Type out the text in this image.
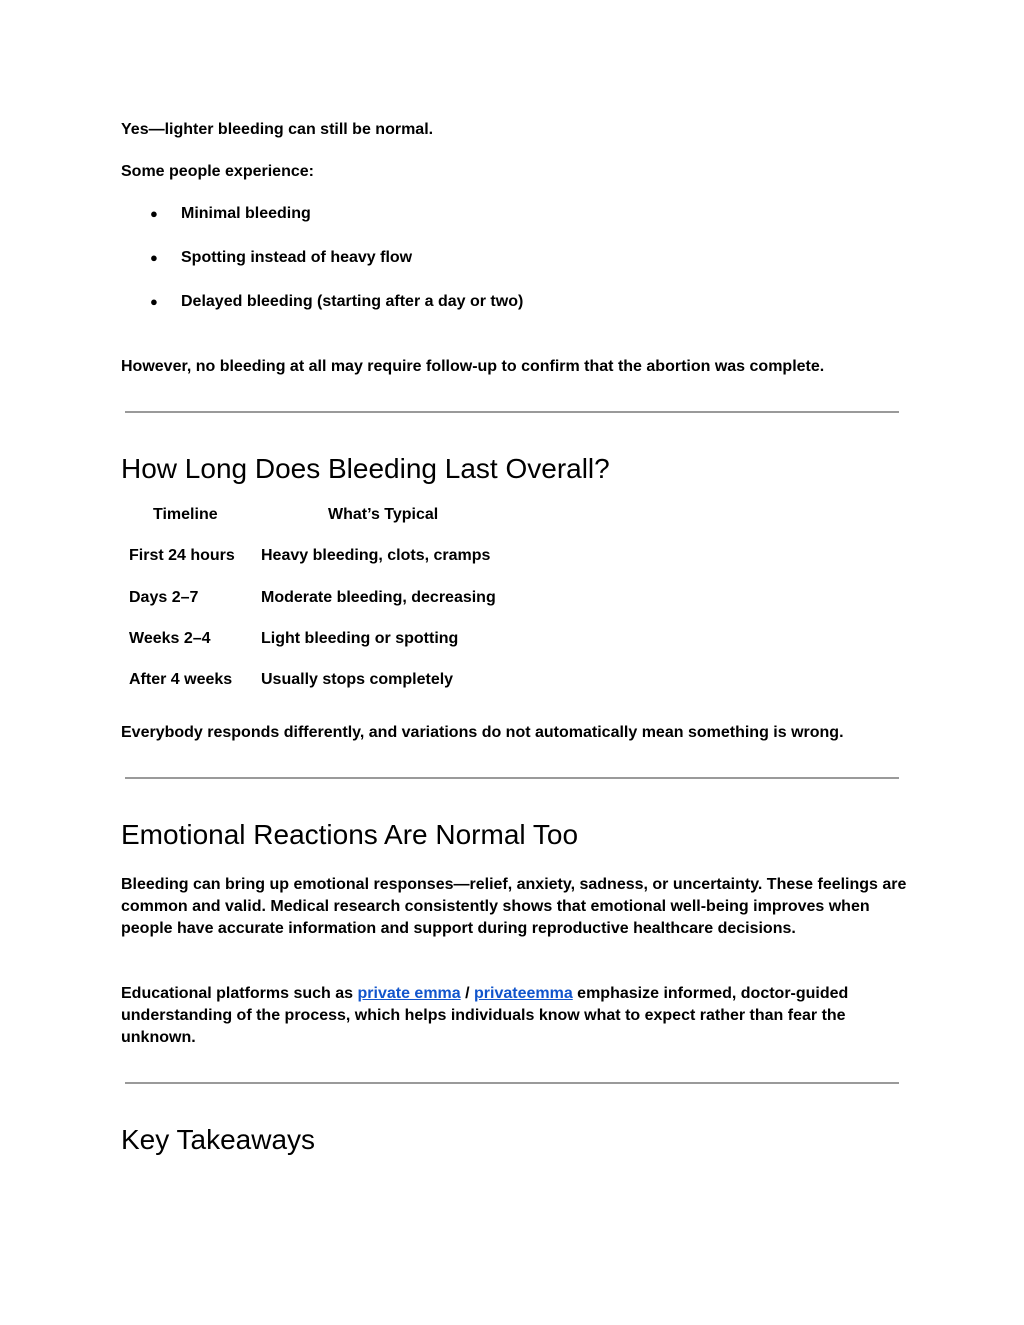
Yes—lighter bleeding can still be normal.

Some people experience:

●	Minimal bleeding
●	Spotting instead of heavy flow
●	Delayed bleeding (starting after a day or two)

However, no bleeding at all may require follow-up to confirm that the abortion was complete.

How Long Does Bleeding Last Overall?
Timeline	What’s Typical
First 24 hours Heavy bleeding, clots, cramps
Days 2–7	Moderate bleeding, decreasing
Weeks 2–4	Light bleeding or spotting
After 4 weeks Usually stops completely

Everybody responds differently, and variations do not automatically mean something is wrong.

Emotional Reactions Are Normal Too

Bleeding can bring up emotional responses—relief, anxiety, sadness, or uncertainty. These feelings are common and valid. Medical research consistently shows that emotional well-being improves when people have accurate information and support during reproductive healthcare decisions.

Educational platforms such as private emma / privateemma emphasize informed, doctor-guided understanding of the process, which helps individuals know what to expect rather than fear the unknown.

Key Takeaways
